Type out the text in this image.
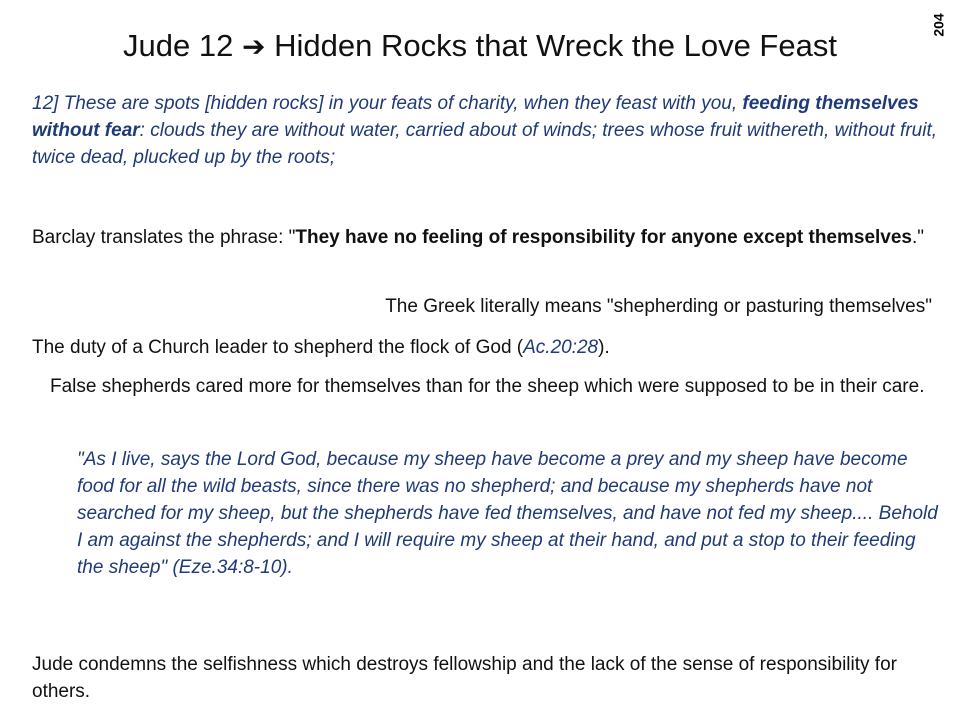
204
Jude 12 ➔ Hidden Rocks that Wreck the Love Feast

12] These are spots [hidden rocks] in your feats of charity, when they feast with you, feeding themselves without fear: clouds they are without water, carried about of winds; trees whose fruit withereth, without fruit, twice dead, plucked up by the roots;

Barclay translates the phrase: "They have no feeling of responsibility for anyone except themselves."

The Greek literally means "shepherding or pasturing themselves"

The duty of a Church leader to shepherd the flock of God (Ac.20:28).

False shepherds cared more for themselves than for the sheep which were supposed to be in their care.

"As I live, says the Lord God, because my sheep have become a prey and my sheep have become food for all the wild beasts, since there was no shepherd; and because my shepherds have not searched for my sheep, but the shepherds have fed themselves, and have not fed my sheep.... Behold I am against the shepherds; and I will require my sheep at their hand, and put a stop to their feeding the sheep" (Eze.34:8-10).

Jude condemns the selfishness which destroys fellowship and the lack of the sense of responsibility for others.
